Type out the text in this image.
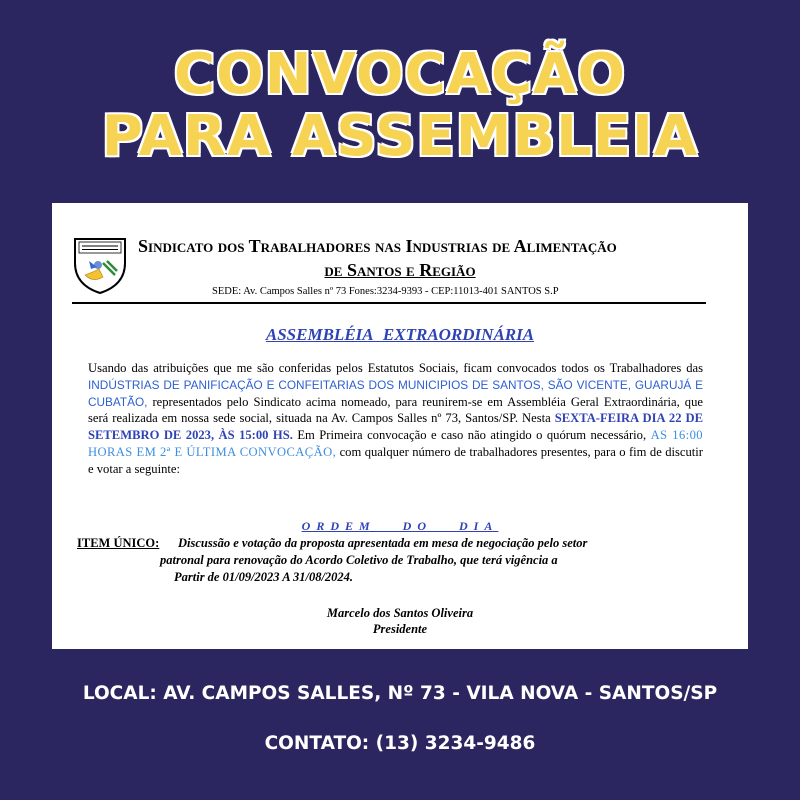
CONVOCAÇÃO
PARA ASSEMBLEIA
Sindicato dos Trabalhadores nas Industrias de Alimentação
de Santos e Região
SEDE: Av. Campos Salles nº 73 Fones:3234-9393 - CEP:11013-401 SANTOS S.P
ASSEMBLÉIA EXTRAORDINÁRIA
Usando das atribuições que me são conferidas pelos Estatutos Sociais, ficam convocados todos os Trabalhadores das INDÚSTRIAS DE PANIFICAÇÃO E CONFEITARIAS DOS MUNICIPIOS DE SANTOS, SÃO VICENTE, GUARUJÁ E CUBATÃO, representados pelo Sindicato acima nomeado, para reunirem-se em Assembléia Geral Extraordinária, que será realizada em nossa sede social, situada na Av. Campos Salles nº 73, Santos/SP. Nesta SEXTA-FEIRA DIA 22 DE SETEMBRO DE 2023, ÀS 15:00 HS. Em Primeira convocação e caso não atingido o quórum necessário, AS 16:00 HORAS EM 2ª E ÚLTIMA CONVOCAÇÃO, com qualquer número de trabalhadores presentes, para o fim de discutir e votar a seguinte:
ORDEM DO DIA
ITEM ÚNICO: Discussão e votação da proposta apresentada em mesa de negociação pelo setor
patronal para renovação do Acordo Coletivo de Trabalho, que terá vigência a
Partir de 01/09/2023 A 31/08/2024.
Marcelo dos Santos Oliveira
Presidente
LOCAL: AV. CAMPOS SALLES, Nº 73 - VILA NOVA - SANTOS/SP
CONTATO: (13) 3234-9486
